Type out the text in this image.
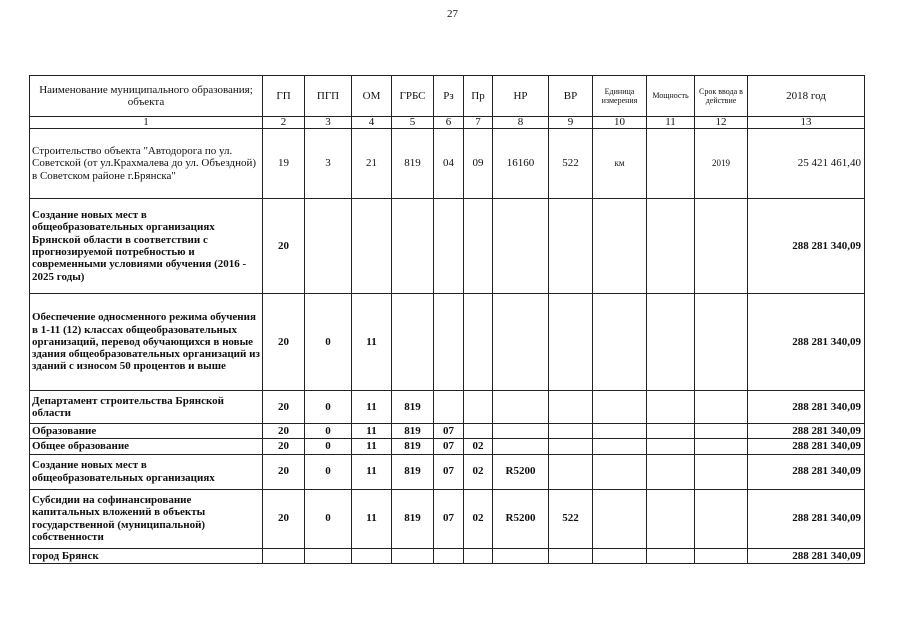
27
Наименование муниципального образования; объекта	ГП	ПГП	ОМ	ГРБС	Рз	Пр	НР	ВР	Единица измерения	Мощность	Срок ввода в действие	2018 год
1	2	3	4	5	6	7	8	9	10	11	12	13
Строительство объекта "Автодорога по ул. Советской (от ул.Крахмалева до ул. Объездной) в Советском районе г.Брянска"	19	3	21	819	04	09	16160	522	км		2019	25 421 461,40
Создание новых мест в общеобразовательных организациях Брянской области в соответствии с прогнозируемой потребностью и современными условиями обучения (2016 - 2025 годы)	20											288 281 340,09
Обеспечение односменного режима обучения в 1-11 (12) классах общеобразовательных организаций, перевод обучающихся в новые здания общеобразовательных организаций из зданий с износом 50 процентов и выше	20	0	11									288 281 340,09
Департамент строительства Брянской области	20	0	11	819								288 281 340,09
Образование	20	0	11	819	07							288 281 340,09
Общее образование	20	0	11	819	07	02						288 281 340,09
Создание новых мест в общеобразовательных организациях	20	0	11	819	07	02	R5200					288 281 340,09
Субсидии на софинансирование капитальных вложений в объекты государственной (муниципальной) собственности	20	0	11	819	07	02	R5200	522				288 281 340,09
город Брянск												288 281 340,09
